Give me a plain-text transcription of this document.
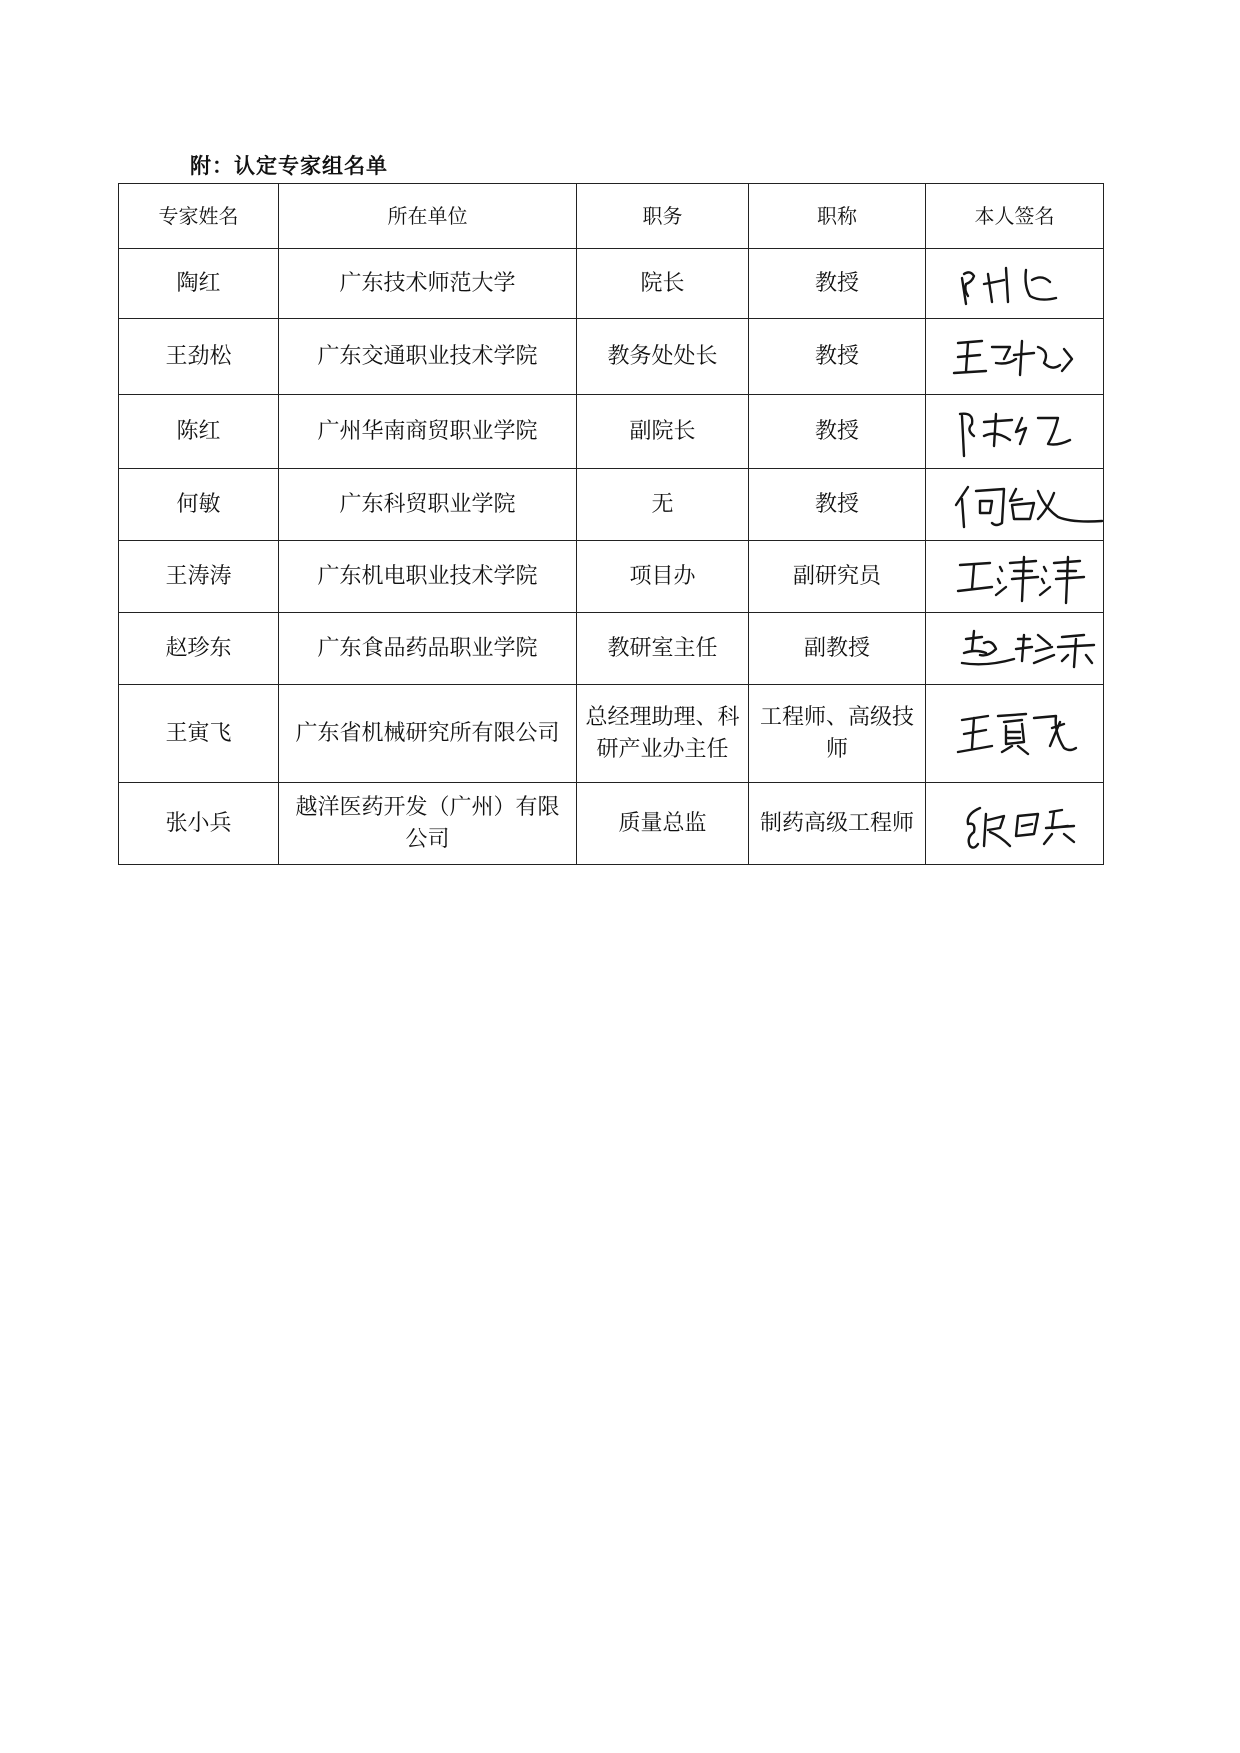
附：认定专家组名单
专家姓名	所在单位	职务	职称	本人签名
陶红	广东技术师范大学	院长	教授	

王劲松	广东交通职业技术学院	教务处处长	教授	

陈红	广州华南商贸职业学院	副院长	教授	

何敏	广东科贸职业学院	无	教授	

王涛涛	广东机电职业技术学院	项目办	副研究员	

赵珍东	广东食品药品职业学院	教研室主任	副教授	

王寅飞	广东省机械研究所有限公司	总经理助理、科研产业办主任	工程师、高级技师	

张小兵	越洋医药开发（广州）有限公司	质量总监	制药高级工程师	
